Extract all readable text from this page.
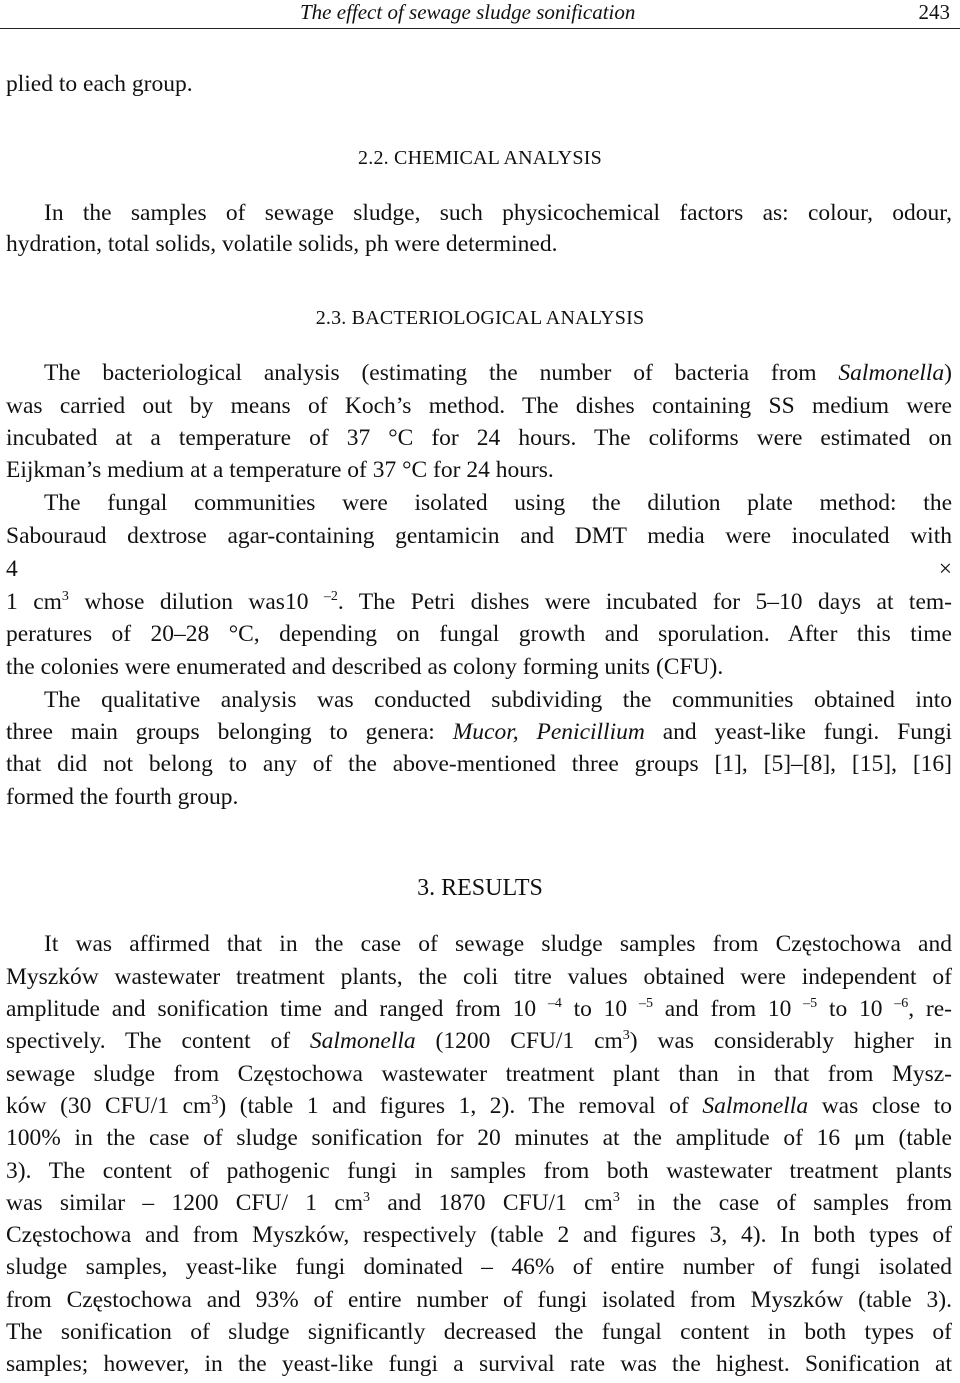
The effect of sewage sludge sonification	243
plied to each group.
2.2. CHEMICAL ANALYSIS
In the samples of sewage sludge, such physicochemical factors as: colour, odour,
hydration, total solids, volatile solids, ph were determined.
2.3. BACTERIOLOGICAL ANALYSIS
The bacteriological analysis (estimating the number of bacteria from Salmonella)
was carried out by means of Koch’s method. The dishes containing SS medium were
incubated at a temperature of 37 °C for 24 hours. The coliforms were estimated on
Eijkman’s medium at a temperature of 37 °C for 24 hours.
The fungal communities were isolated using the dilution plate method: the
Sabouraud dextrose agar-containing gentamicin and DMT media were inoculated with
4 ×
1 $cm^3$ whose dilution was10 $^{-2}$. The Petri dishes were incubated for 5–10 days at tem-
peratures of 20–28 °C, depending on fungal growth and sporulation. After this time
the colonies were enumerated and described as colony forming units (CFU).
The qualitative analysis was conducted subdividing the communities obtained into
three main groups belonging to genera: Mucor, Penicillium and yeast-like fungi. Fungi
that did not belong to any of the above-mentioned three groups [1], [5]–[8], [15], [16]
formed the fourth group.
3. RESULTS
It was affirmed that in the case of sewage sludge samples from Częstochowa and
Myszków wastewater treatment plants, the coli titre values obtained were independent of
amplitude and sonification time and ranged from 10 $^{-4}$ to 10 $^{-5}$ and from 10 $^{-5}$ to 10 $^{-6}$, re-
spectively. The content of Salmonella (1200 CFU/1 $cm^3$) was considerably higher in
sewage sludge from Częstochowa wastewater treatment plant than in that from Mysz-
ków (30 CFU/1 $cm^3$) (table 1 and figures 1, 2). The removal of Salmonella was close to
100% in the case of sludge sonification for 20 minutes at the amplitude of 16 μm (table
3). The content of pathogenic fungi in samples from both wastewater treatment plants
was similar – 1200 CFU/ 1 $cm^3$ and 1870 CFU/1 $cm^3$ in the case of samples from
Częstochowa and from Myszków, respectively (table 2 and figures 3, 4). In both types of
sludge samples, yeast-like fungi dominated – 46% of entire number of fungi isolated
from Częstochowa and 93% of entire number of fungi isolated from Myszków (table 3).
The sonification of sludge significantly decreased the fungal content in both types of
samples; however, in the yeast-like fungi a survival rate was the highest. Sonification at
